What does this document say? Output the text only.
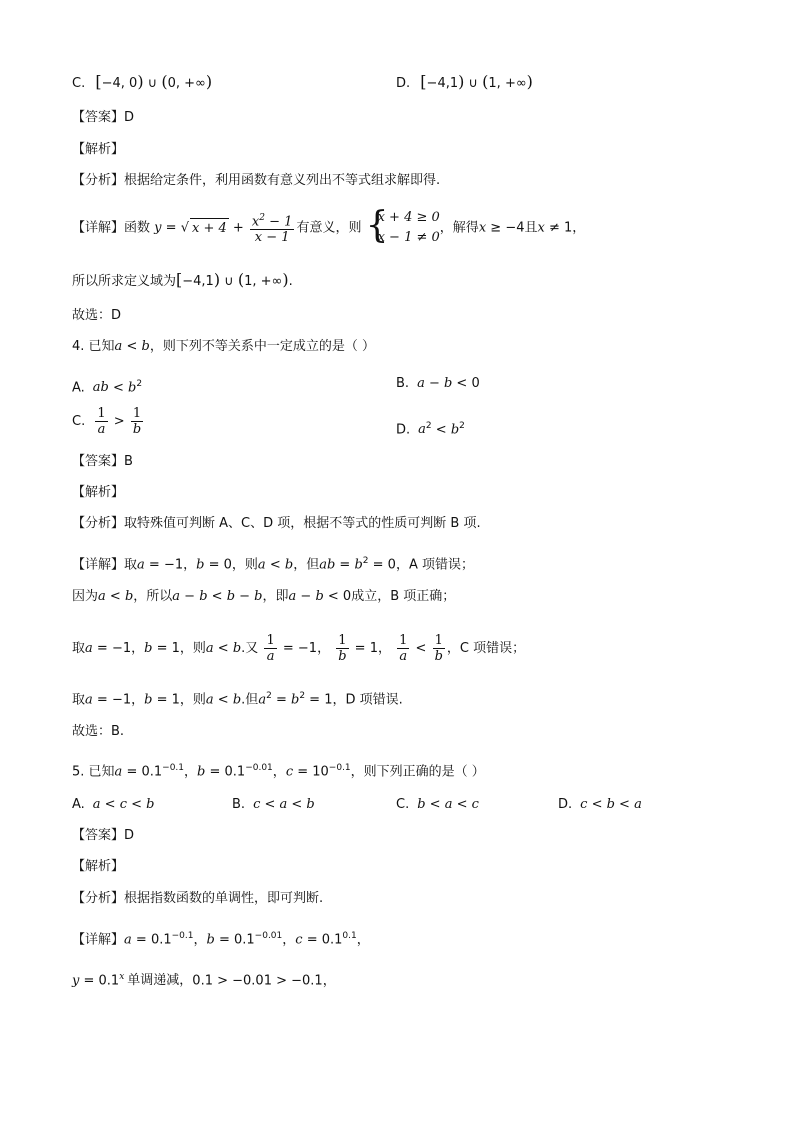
C. [−4, 0) ∪ (0, +∞)	D. [−4,1) ∪ (1, +∞)
【答案】D
【解析】
【分析】根据给定条件，利用函数有意义列出不等式组求解即得.
【详解】函数 y = √ $x + 4 + \frac{x^2 - 1}{x - 1}$ 有意义，则 {
x + 4 ≥ 0
x − 1 ≠ 0
，解得x ≥ −4且x ≠ 1，
所以所求定义域为[−4,1) ∪ (1, +∞).
故选：D
4. 已知a < b，则下列不等关系中一定成立的是（ ）
A. ab < $b^2$	B. a − b < 0
C. $\frac{1}{a} > \frac{1}{b}$	D. $a^2 < b^2$
【答案】B
【解析】
【分析】取特殊值可判断 A、C、D 项，根据不等式的性质可判断 B 项.
【详解】取a = −1，b = 0，则a < b，但ab = $b^2 = 0$，A 项错误；
因为a < b，所以a − b < b − b，即a − b < 0成立，B 项正确；
取a = −1，b = 1，则a < b.又 $\frac{1}{a} = -1$， $\frac{1}{b} = 1$， $\frac{1}{a} < \frac{1}{b}$ ，C 项错误；
取a = −1，b = 1，则a < b.但$a^2 = b^2 = 1$，D 项错误.
故选：B.
5. 已知$a = 0.1^{-0.1}$，$b = 0.1^{-0.01}$，$c = 10^{-0.1}$，则下列正确的是（ ）
A. a < c < b	B. c < a < b	C. b < a < c	D. c < b < a
【答案】D
【解析】
【分析】根据指数函数的单调性，即可判断.
【详解】$a = 0.1^{-0.1}$，$b = 0.1^{-0.01}$，$c = 0.1^{0.1}$，
$y = 0.1^x$ 单调递减，0.1 > −0.01 > −0.1，
